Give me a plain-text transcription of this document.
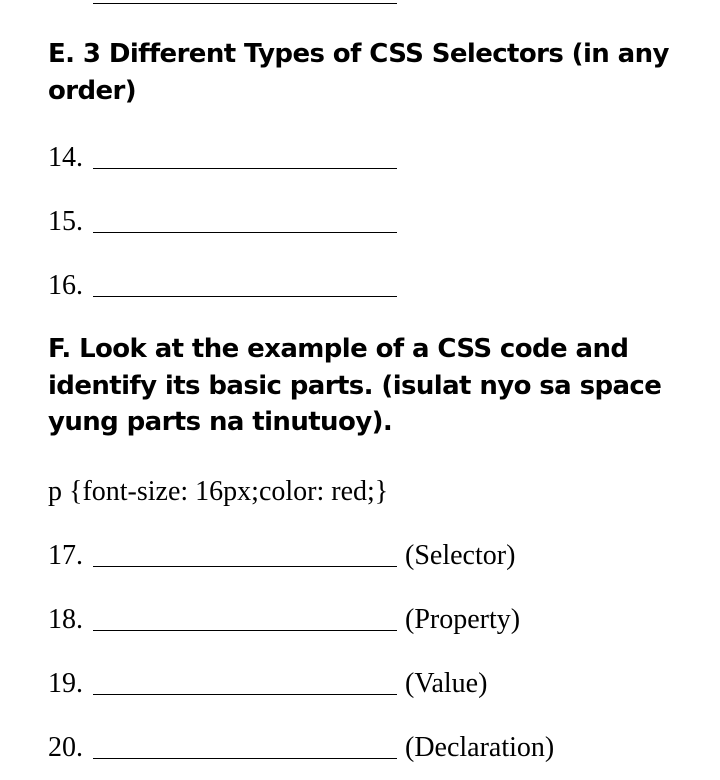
E. 3 Different Types of CSS Selectors (in any order)
14.
15.
16.
F. Look at the example of a CSS code and identify its basic parts. (isulat nyo sa space yung parts na tinutuoy).

p {font-size: 16px;color: red;}

17.	(Selector)
18.	(Property)
19.	(Value)
20.	(Declaration)
